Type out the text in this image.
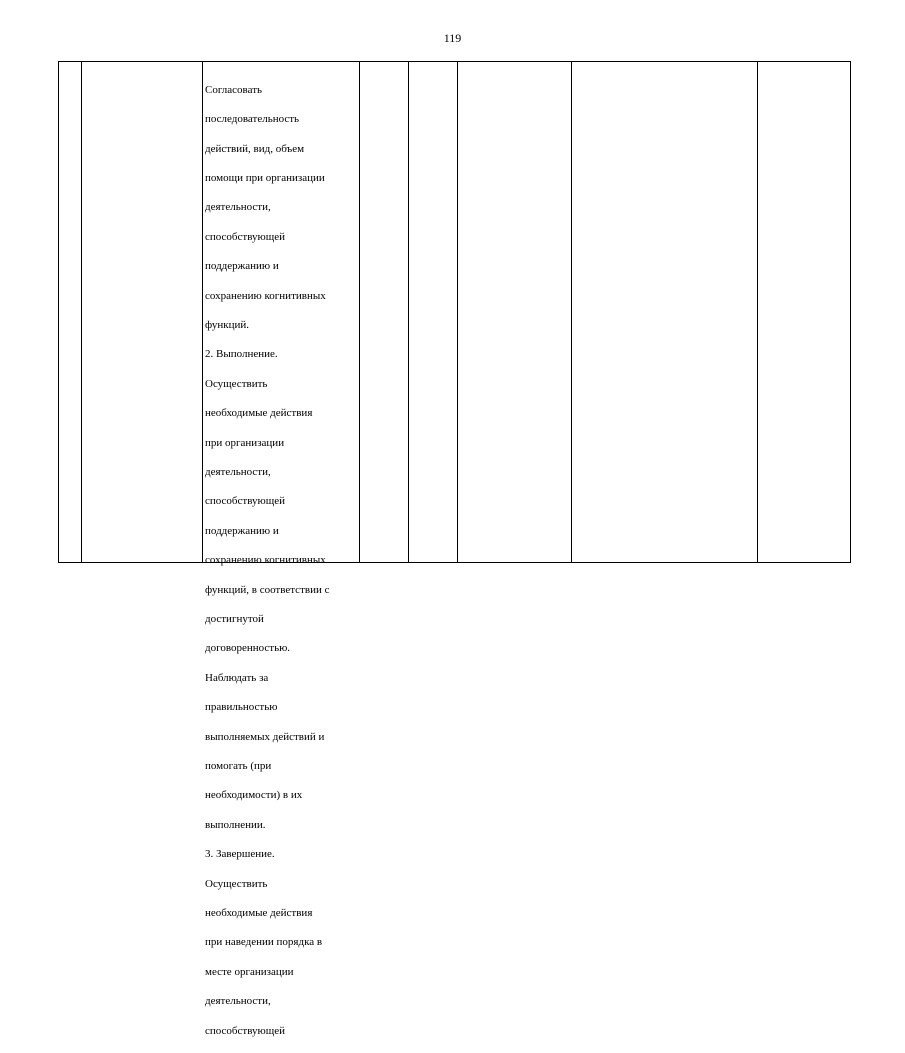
119

Согласовать

последовательность

действий, вид, объем

помощи при организации

деятельности,

способствующей

поддержанию и

сохранению когнитивных

функций.

2. Выполнение.

Осуществить

необходимые действия

при организации

деятельности,

способствующей

поддержанию и

сохранению когнитивных

функций, в соответствии с

достигнутой

договоренностью.

Наблюдать за

правильностью

выполняемых действий и

помогать (при

необходимости) в их

выполнении.

3. Завершение.

Осуществить

необходимые действия

при наведении порядка в

месте организации

деятельности,

способствующей
